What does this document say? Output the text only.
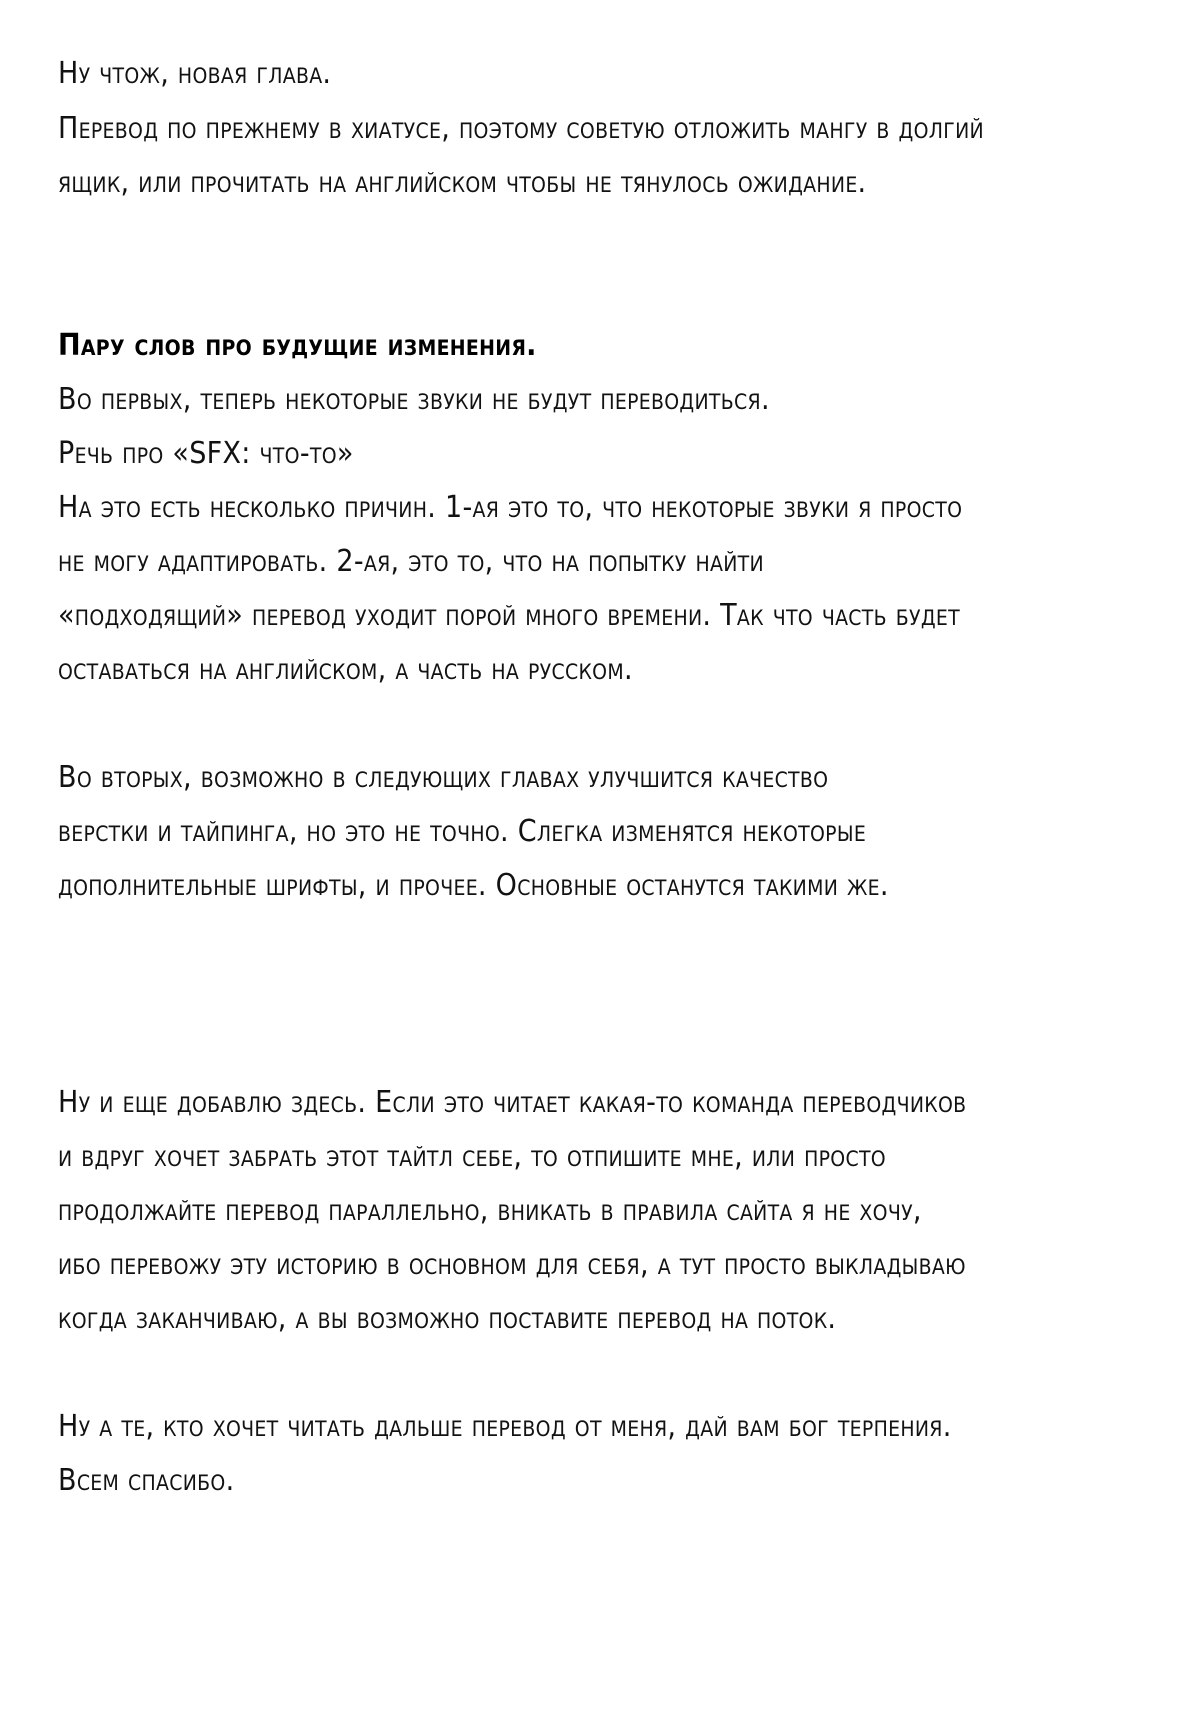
Ну чтож, новая глава.

Перевод по прежнему в хиатусе, поэтому советую отложить мангу в долгий

ящик, или прочитать на английском чтобы не тянулось ожидание.

Пару слов про будущие изменения.

Во первых, теперь некоторые звуки не будут переводиться.

Речь про «SFX: что-то»

На это есть несколько причин. 1-ая это то, что некоторые звуки я просто

не могу адаптировать. 2-ая, это то, что на попытку найти

«подходящий» перевод уходит порой много времени. Так что часть будет

оставаться на английском, а часть на русском.

Во вторых, возможно в следующих главах улучшится качество

верстки и тайпинга, но это не точно. Слегка изменятся некоторые

дополнительные шрифты, и прочее. Основные останутся такими же.

Ну и еще добавлю здесь. Если это читает какая-то команда переводчиков

и вдруг хочет забрать этот тайтл себе, то отпишите мне, или просто

продолжайте перевод параллельно, вникать в правила сайта я не хочу,

ибо перевожу эту историю в основном для себя, а тут просто выкладываю

когда заканчиваю, а вы возможно поставите перевод на поток.

Ну а те, кто хочет читать дальше перевод от меня, дай вам бог терпения.

Всем спасибо.
